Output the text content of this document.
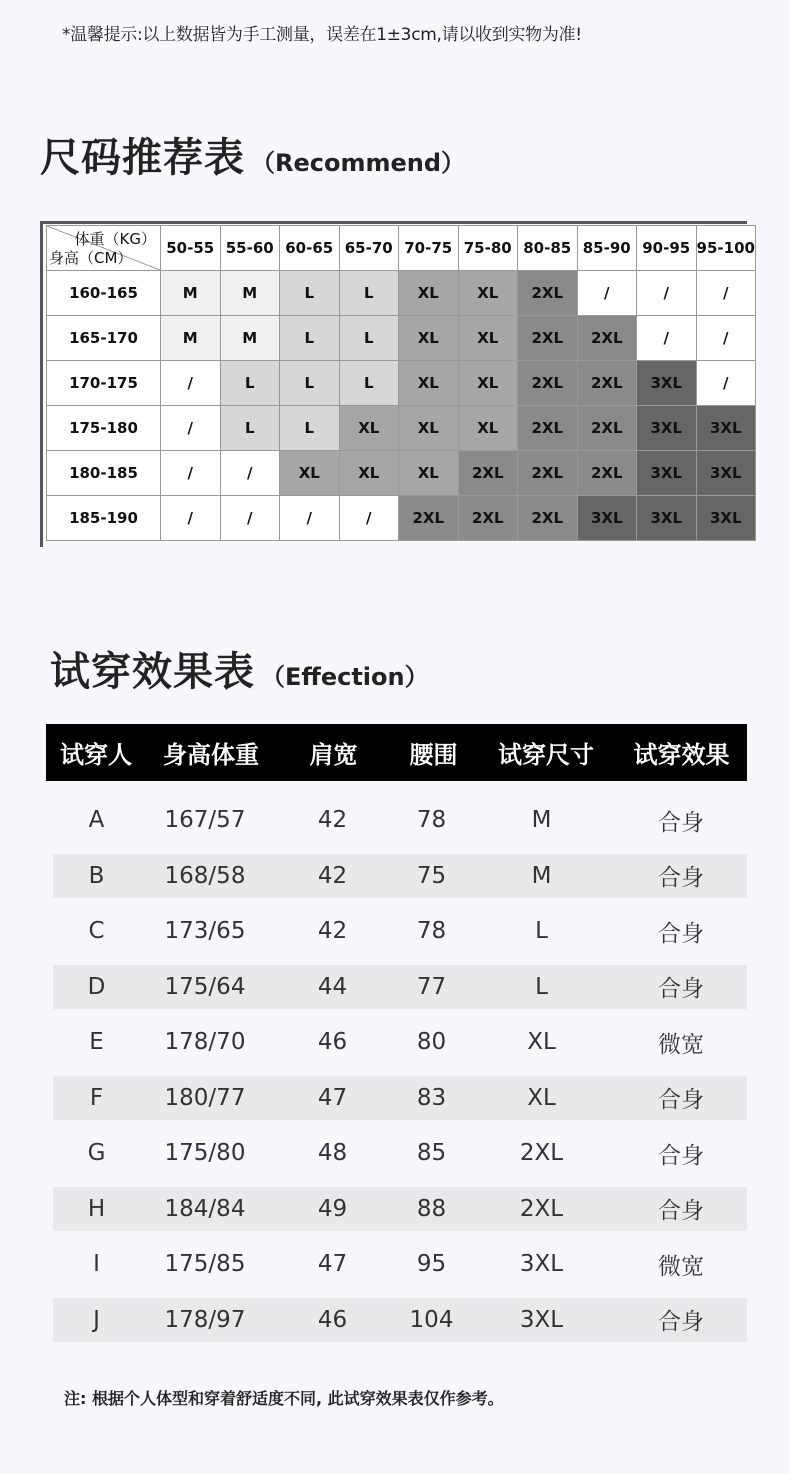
*温馨提示:以上数据皆为手工测量，误差在1±3cm,请以收到实物为准!
尺码推荐表 （Recommend）
体重（KG）
身高（CM）	50-55	55-60	60-65	65-70	70-75	75-80	80-85	85-90	90-95	95-100
160-165	M	M	L	L	XL	XL	2XL	/	/	/
165-170	M	M	L	L	XL	XL	2XL	2XL	/	/
170-175	/	L	L	L	XL	XL	2XL	2XL	3XL	/
175-180	/	L	L	XL	XL	XL	2XL	2XL	3XL	3XL
180-185	/	/	XL	XL	XL	2XL	2XL	2XL	3XL	3XL
185-190	/	/	/	/	2XL	2XL	2XL	3XL	3XL	3XL
试穿效果表 （Effection）
试穿人	身高体重	肩宽	腰围	试穿尺寸	试穿效果
A	167/57	42	78	M	合身
B	168/58	42	75	M	合身
C	173/65	42	78	L	合身
D	175/64	44	77	L	合身
E	178/70	46	80	XL	微宽
F	180/77	47	83	XL	合身
G	175/80	48	85	2XL	合身
H	184/84	49	88	2XL	合身
I	175/85	47	95	3XL	微宽
J	178/97	46	104	3XL	合身
注: 根据个人体型和穿着舒适度不同, 此试穿效果表仅作参考。
